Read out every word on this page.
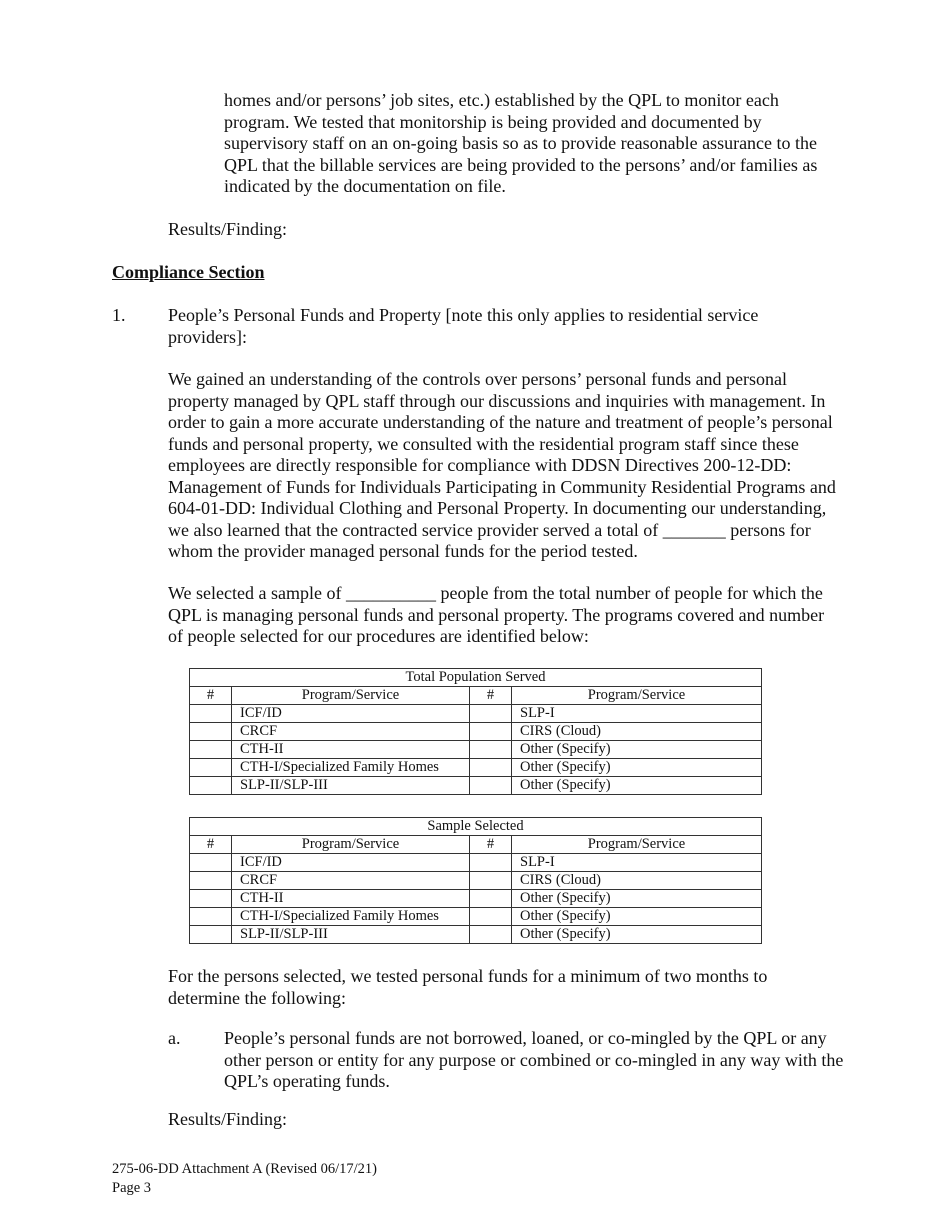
homes and/or persons’ job sites, etc.) established by the QPL to monitor each program. We tested that monitorship is being provided and documented by supervisory staff on an on-going basis so as to provide reasonable assurance to the QPL that the billable services are being provided to the persons’ and/or families as indicated by the documentation on file.

Results/Finding:

Compliance Section

1. People’s Personal Funds and Property [note this only applies to residential service providers]:

We gained an understanding of the controls over persons’ personal funds and personal property managed by QPL staff through our discussions and inquiries with management. In order to gain a more accurate understanding of the nature and treatment of people’s personal funds and personal property, we consulted with the residential program staff since these employees are directly responsible for compliance with DDSN Directives 200-12-DD: Management of Funds for Individuals Participating in Community Residential Programs and 604-01-DD: Individual Clothing and Personal Property. In documenting our understanding, we also learned that the contracted service provider served a total of _______ persons for whom the provider managed personal funds for the period tested.

We selected a sample of __________ people from the total number of people for which the QPL is managing personal funds and personal property. The programs covered and number of people selected for our procedures are identified below:

Total Population Served			
#	Program/Service	#	Program/Service
	ICF/ID		SLP-I
	CRCF		CIRS (Cloud)
	CTH-II		Other (Specify)
	CTH-I/Specialized Family Homes		Other (Specify)
	SLP-II/SLP-III		Other (Specify)
Sample Selected			
#	Program/Service	#	Program/Service
	ICF/ID		SLP-I
	CRCF		CIRS (Cloud)
	CTH-II		Other (Specify)
	CTH-I/Specialized Family Homes		Other (Specify)
	SLP-II/SLP-III		Other (Specify)

For the persons selected, we tested personal funds for a minimum of two months to determine the following:

a. People’s personal funds are not borrowed, loaned, or co-mingled by the QPL or any other person or entity for any purpose or combined or co-mingled in any way with the QPL’s operating funds.

Results/Finding:

275-06-DD Attachment A (Revised 06/17/21)
Page 3
